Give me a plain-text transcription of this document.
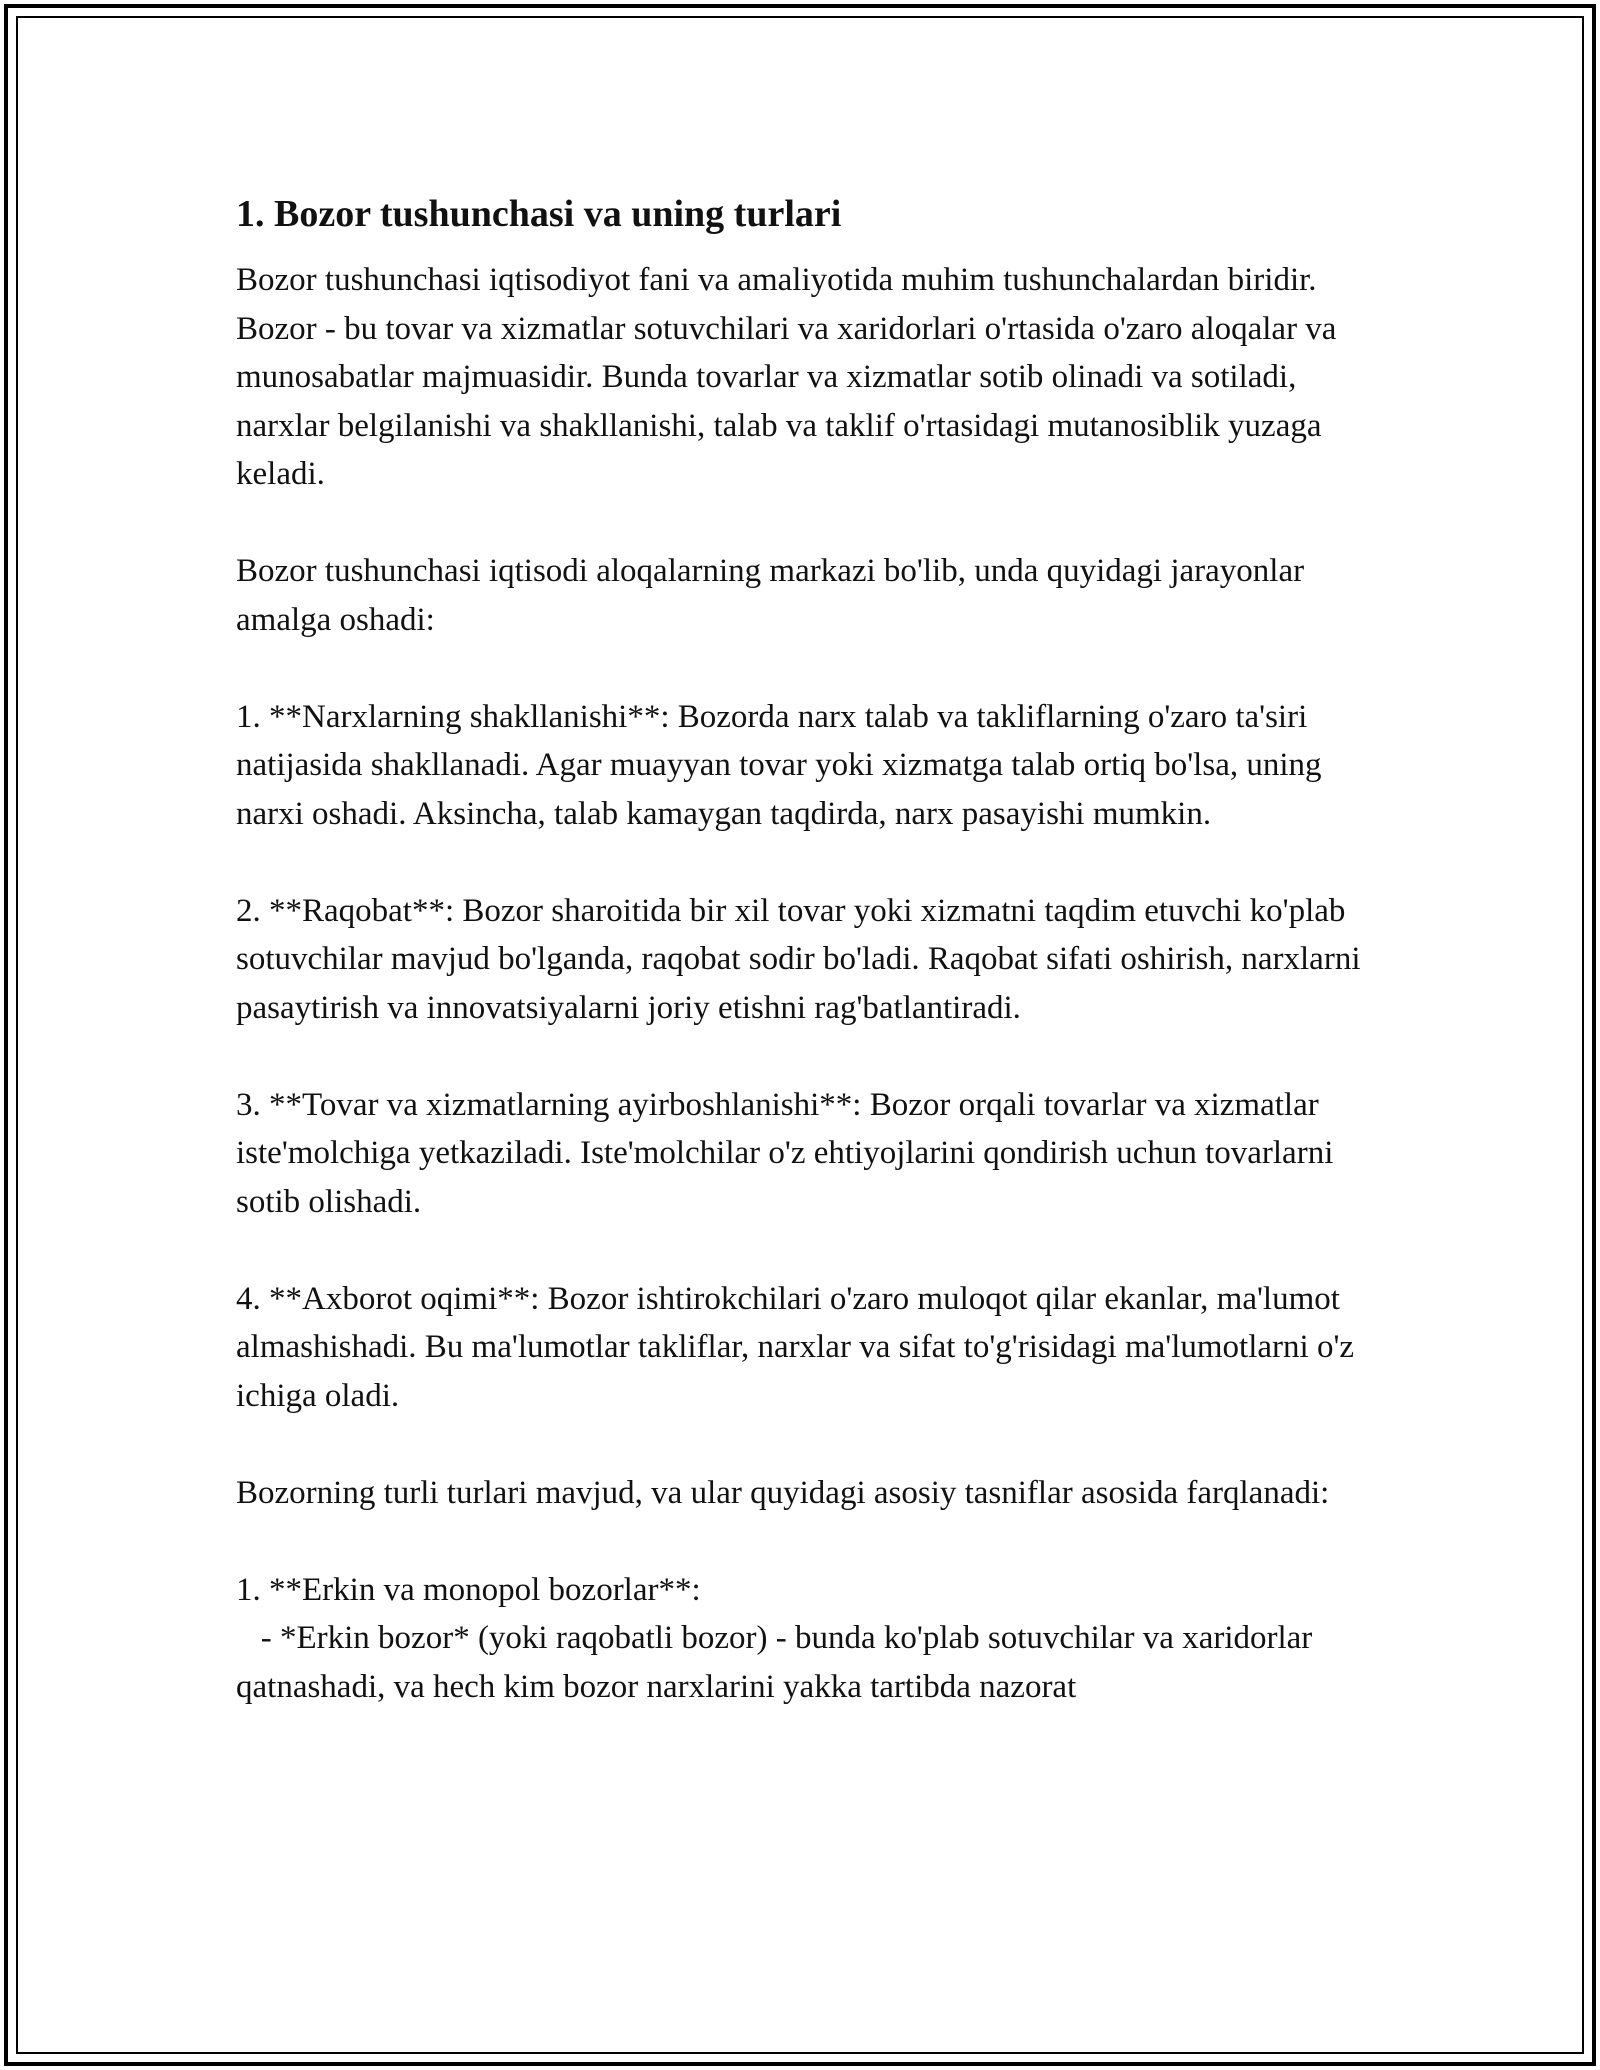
1. Bozor tushunchasi va uning turlari

Bozor tushunchasi iqtisodiyot fani va amaliyotida muhim tushunchalardan biridir. Bozor - bu tovar va xizmatlar sotuvchilari va xaridorlari o'rtasida o'zaro aloqalar va munosabatlar majmuasidir. Bunda tovarlar va xizmatlar sotib olinadi va sotiladi, narxlar belgilanishi va shakllanishi, talab va taklif o'rtasidagi mutanosiblik yuzaga keladi.

Bozor tushunchasi iqtisodi aloqalarning markazi bo'lib, unda quyidagi jarayonlar amalga oshadi:

1. **Narxlarning shakllanishi**: Bozorda narx talab va takliflarning o'zaro ta'siri natijasida shakllanadi. Agar muayyan tovar yoki xizmatga talab ortiq bo'lsa, uning narxi oshadi. Aksincha, talab kamaygan taqdirda, narx pasayishi mumkin.

2. **Raqobat**: Bozor sharoitida bir xil tovar yoki xizmatni taqdim etuvchi ko'plab sotuvchilar mavjud bo'lganda, raqobat sodir bo'ladi. Raqobat sifati oshirish, narxlarni pasaytirish va innovatsiyalarni joriy etishni rag'batlantiradi.

3. **Tovar va xizmatlarning ayirboshlanishi**: Bozor orqali tovarlar va xizmatlar iste'molchiga yetkaziladi. Iste'molchilar o'z ehtiyojlarini qondirish uchun tovarlarni sotib olishadi.

4. **Axborot oqimi**: Bozor ishtirokchilari o'zaro muloqot qilar ekanlar, ma'lumot almashishadi. Bu ma'lumotlar takliflar, narxlar va sifat to'g'risidagi ma'lumotlarni o'z ichiga oladi.

Bozorning turli turlari mavjud, va ular quyidagi asosiy tasniflar asosida farqlanadi:

1. **Erkin va monopol bozorlar**:
- *Erkin bozor* (yoki raqobatli bozor) - bunda ko'plab sotuvchilar va xaridorlar qatnashadi, va hech kim bozor narxlarini yakka tartibda nazorat
